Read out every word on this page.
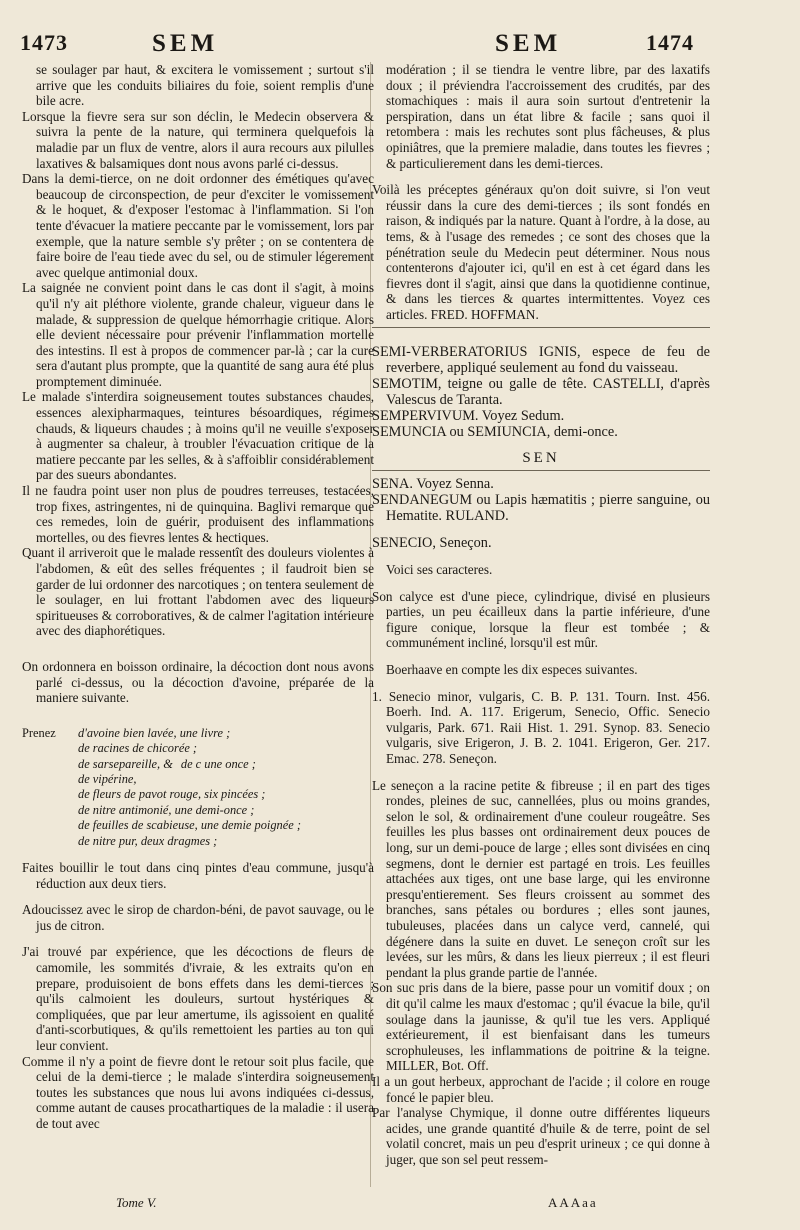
1473	SEM	SEM	1474

se soulager par haut, & excitera le vomissement ; surtout s'il arrive que les conduits biliaires du foie, soient remplis d'une bile acre.

Lorsque la fievre sera sur son déclin, le Medecin observera & suivra la pente de la nature, qui terminera quelquefois la maladie par un flux de ventre, alors il aura recours aux pilulles laxatives & balsamiques dont nous avons parlé ci-dessus.

Dans la demi-tierce, on ne doit ordonner des émétiques qu'avec beaucoup de circonspection, de peur d'exciter le vomissement & le hoquet, & d'exposer l'estomac à l'inflammation. Si l'on tente d'évacuer la matiere peccante par le vomissement, lors par exemple, que la nature semble s'y prêter ; on se contentera de faire boire de l'eau tiede avec du sel, ou de stimuler légerement avec quelque antimonial doux.

La saignée ne convient point dans le cas dont il s'agit, à moins qu'il n'y ait pléthore violente, grande chaleur, vigueur dans le malade, & suppression de quelque hémorrhagie critique. Alors elle devient nécessaire pour prévenir l'inflammation mortelle des intestins. Il est à propos de commencer par-là ; car la cure sera d'autant plus prompte, que la quantité de sang aura été plus promptement diminuée.

Le malade s'interdira soigneusement toutes substances chaudes, essences alexipharmaques, teintures bésoardiques, régimes chauds, & liqueurs chaudes ; à moins qu'il ne veuille s'exposer à augmenter sa chaleur, à troubler l'évacuation critique de la matiere peccante par les selles, & à s'affoiblir considérablement par des sueurs abondantes.

Il ne faudra point user non plus de poudres terreuses, testacées, trop fixes, astringentes, ni de quinquina. Baglivi remarque que ces remedes, loin de guérir, produisent des inflammations mortelles, ou des fievres lentes & hectiques.

Quant il arriveroit que le malade ressentît des douleurs violentes à l'abdomen, & eût des selles fréquentes ; il faudroit bien se garder de lui ordonner des narcotiques ; on tentera seulement de le soulager, en lui frottant l'abdomen avec des liqueurs spiritueuses & corroboratives, & de calmer l'agitation intérieure avec des diaphorétiques.

On ordonnera en boisson ordinaire, la décoction dont nous avons parlé ci-dessus, ou la décoction d'avoine, préparée de la maniere suivante.

Prenez	d'avoine bien lavée, une livre ;
de racines de chicorée ;
de sarsepareille, & de c une once ;
de vipérine,
de fleurs de pavot rouge, six pincées ;
de nitre antimonié, une demi-once ;
de feuilles de scabieuse, une demie poignée ;
de nitre pur, deux dragmes ;

Faites bouillir le tout dans cinq pintes d'eau commune, jusqu'à réduction aux deux tiers.

Adoucissez avec le sirop de chardon-béni, de pavot sauvage, ou le jus de citron.

J'ai trouvé par expérience, que les décoctions de fleurs de camomile, les sommités d'ivraie, & les extraits qu'on en prepare, produisoient de bons effets dans les demi-tierces ; qu'ils calmoient les douleurs, surtout hystériques & compliquées, que par leur amertume, ils agissoient en qualité d'anti-scorbutiques, & qu'ils remettoient les parties au ton qui leur convient.

Comme il n'y a point de fievre dont le retour soit plus facile, que celui de la demi-tierce ; le malade s'interdira soigneusement toutes les substances que nous lui avons indiquées ci-dessus, comme autant de causes procathartiques de la maladie : il usera de tout avec

modération ; il se tiendra le ventre libre, par des laxatifs doux ; il préviendra l'accroissement des crudités, par des stomachiques : mais il aura soin surtout d'entretenir la perspiration, dans un état libre & facile ; sans quoi il retombera : mais les rechutes sont plus fâcheuses, & plus opiniâtres, que la premiere maladie, dans toutes les fievres ; & particulierement dans les demi-tierces.

Voilà les préceptes généraux qu'on doit suivre, si l'on veut réussir dans la cure des demi-tierces ; ils sont fondés en raison, & indiqués par la nature. Quant à l'ordre, à la dose, au tems, & à l'usage des remedes ; ce sont des choses que la pénétration seule du Medecin peut déterminer. Nous nous contenterons d'ajouter ici, qu'il en est à cet égard dans les fievres dont il s'agit, ainsi que dans la quotidienne continue, & dans les tierces & quartes intermittentes. Voyez ces articles. FRED. HOFFMAN.

SEMI-VERBERATORIUS IGNIS, espece de feu de reverbere, appliqué seulement au fond du vaisseau.

SEMOTIM, teigne ou galle de tête. CASTELLI, d'après Valescus de Taranta.

SEMPERVIVUM. Voyez Sedum.

SEMUNCIA ou SEMIUNCIA, demi-once.

SEN

SENA. Voyez Senna.

SENDANEGUM ou Lapis hæmatitis ; pierre sanguine, ou Hematite. RULAND.

SENECIO, Seneçon.

Voici ses caracteres.

Son calyce est d'une piece, cylindrique, divisé en plusieurs parties, un peu écailleux dans la partie inférieure, d'une figure conique, lorsque la fleur est tombée ; & communément incliné, lorsqu'il est mûr.

Boerhaave en compte les dix especes suivantes.

1. Senecio minor, vulgaris, C. B. P. 131. Tourn. Inst. 456. Boerh. Ind. A. 117. Erigerum, Senecio, Offic. Senecio vulgaris, Park. 671. Raii Hist. 1. 291. Synop. 83. Senecio vulgaris, sive Erigeron, J. B. 2. 1041. Erigeron, Ger. 217. Emac. 278. Seneçon.

Le seneçon a la racine petite & fibreuse ; il en part des tiges rondes, pleines de suc, cannellées, plus ou moins grandes, selon le sol, & ordinairement d'une couleur rougeâtre. Ses feuilles les plus basses ont ordinairement deux pouces de long, sur un demi-pouce de large ; elles sont divisées en cinq segmens, dont le dernier est partagé en trois. Les feuilles attachées aux tiges, ont une base large, qui les environne presqu'entierement. Ses fleurs croissent au sommet des branches, sans pétales ou bordures ; elles sont jaunes, tubuleuses, placées dans un calyce verd, cannelé, qui dégénere dans la suite en duvet. Le seneçon croît sur les levées, sur les mûrs, & dans les lieux pierreux ; il est fleuri pendant la plus grande partie de l'année.

Son suc pris dans de la biere, passe pour un vomitif doux ; on dit qu'il calme les maux d'estomac ; qu'il évacue la bile, qu'il soulage dans la jaunisse, & qu'il tue les vers. Appliqué extérieurement, il est bienfaisant dans les tumeurs scrophuleuses, les inflammations de poitrine & la teigne. MILLER, Bot. Off.

Il a un gout herbeux, approchant de l'acide ; il colore en rouge foncé le papier bleu.

Par l'analyse Chymique, il donne outre différentes liqueurs acides, une grande quantité d'huile & de terre, point de sel volatil concret, mais un peu d'esprit urineux ; ce qui donne à juger, que son sel peut ressem-

Tome V.	AAAaa
